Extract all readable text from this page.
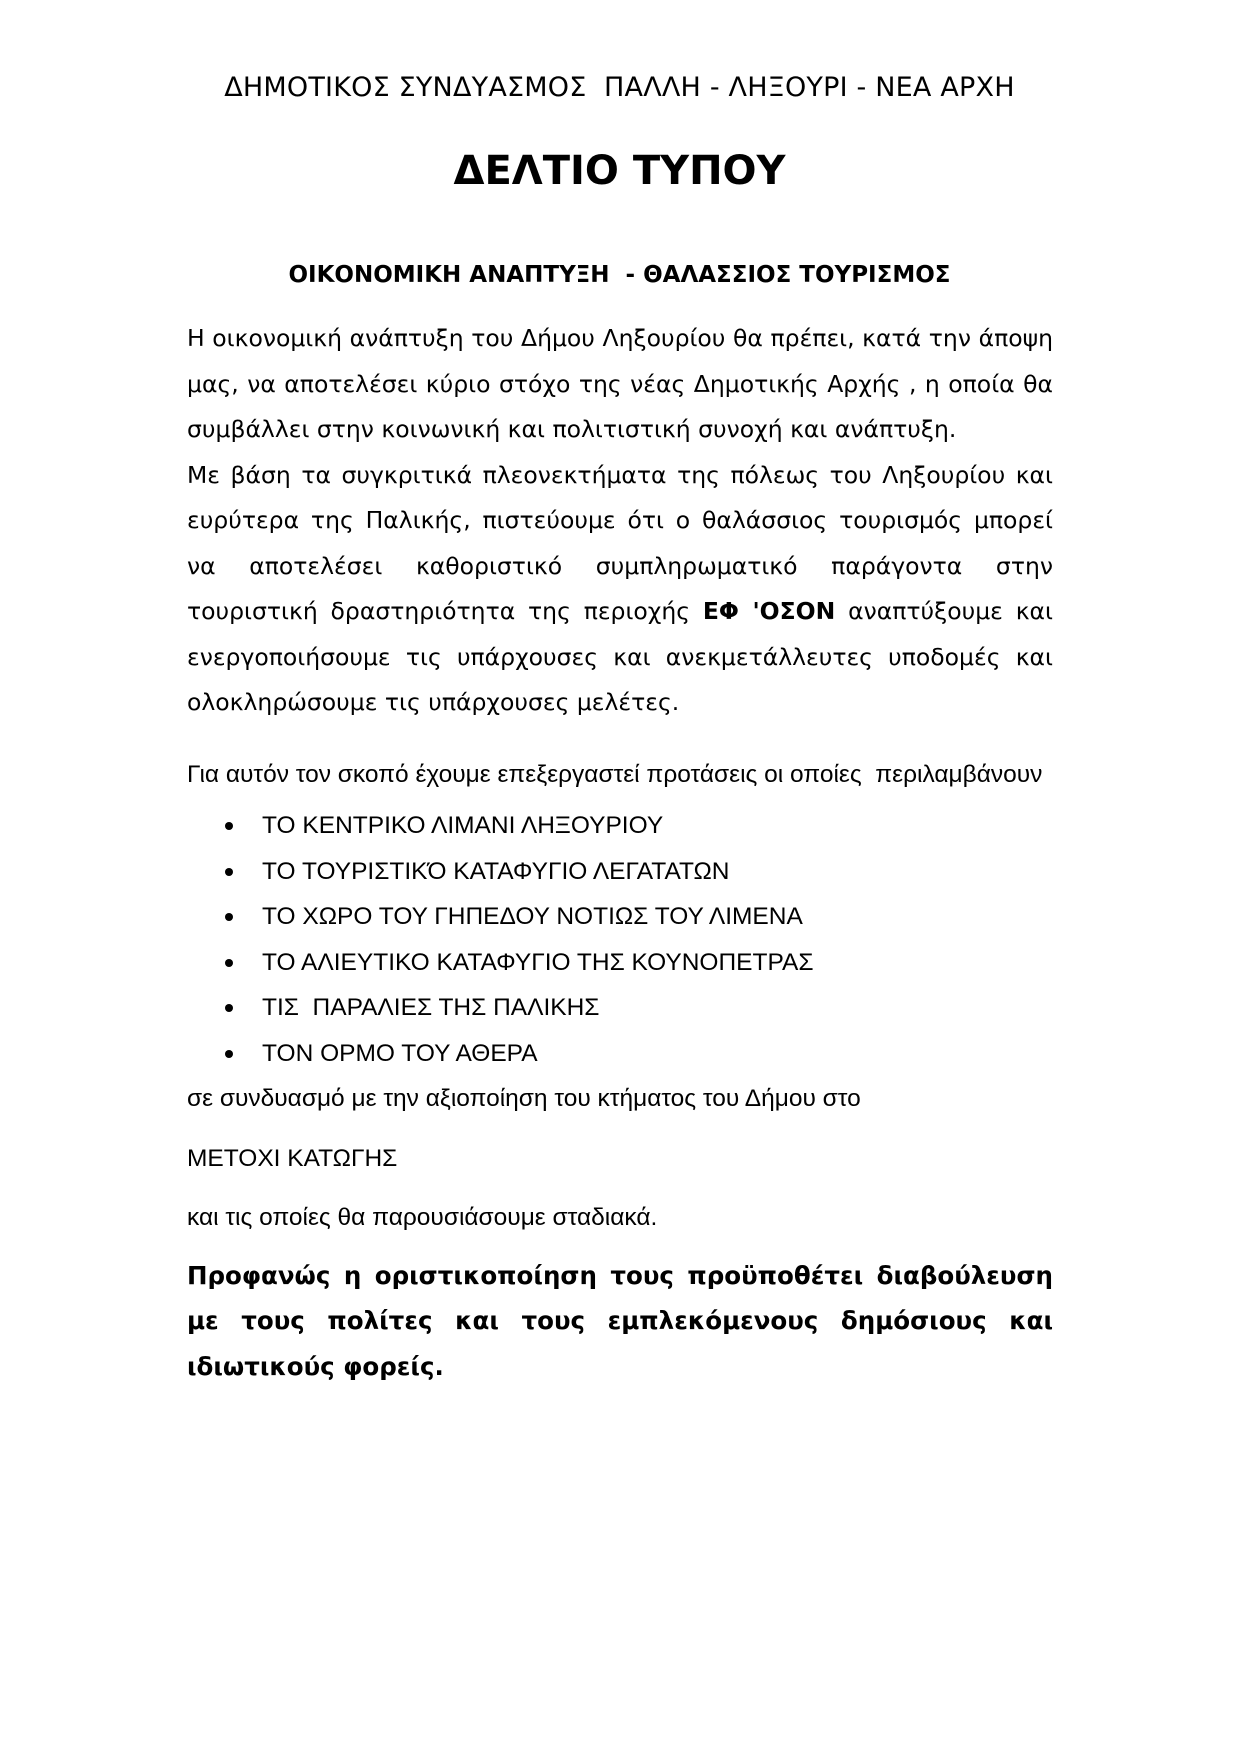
ΔΗΜΟΤΙΚΟΣ ΣΥΝΔΥΑΣΜΟΣ  ΠΑΛΛΗ - ΛΗΞΟΥΡΙ - ΝΕΑ ΑΡΧΗ
ΔΕΛΤΙΟ ΤΥΠΟΥ
ΟΙΚΟΝΟΜΙΚΗ ΑΝΑΠΤΥΞΗ  - ΘΑΛΑΣΣΙΟΣ ΤΟΥΡΙΣΜΟΣ

Η οικονομική ανάπτυξη του Δήμου Ληξουρίου θα πρέπει, κατά την άποψη μας, να αποτελέσει κύριο στόχο της νέας Δημοτικής Αρχής , η οποία θα συμβάλλει στην κοινωνική και πολιτιστική συνοχή και ανάπτυξη.

Με βάση τα συγκριτικά πλεονεκτήματα της πόλεως του Ληξουρίου και ευρύτερα της Παλικής, πιστεύουμε ότι ο θαλάσσιος τουρισμός μπορεί να αποτελέσει καθοριστικό συμπληρωματικό παράγοντα στην τουριστική δραστηριότητα της περιοχής ΕΦ 'ΟΣΟΝ αναπτύξουμε και ενεργοποιήσουμε τις υπάρχουσες και ανεκμετάλλευτες υποδομές και ολοκληρώσουμε τις υπάρχουσες μελέτες.

Για αυτόν τον σκοπό έχουμε επεξεργαστεί προτάσεις οι οποίες  περιλαμβάνουν

ΤΟ ΚΕΝΤΡΙΚΟ ΛΙΜΑΝΙ ΛΗΞΟΥΡΙΟΥ
ΤΟ ΤΟΥΡΙΣΤΙΚΌ ΚΑΤΑΦΥΓΙΟ ΛΕΓΑΤΑΤΩΝ
ΤΟ ΧΩΡΟ ΤΟΥ ΓΗΠΕΔΟΥ ΝΟΤΙΩΣ ΤΟΥ ΛΙΜΕΝΑ
ΤΟ ΑΛΙΕΥΤΙΚΟ ΚΑΤΑΦΥΓΙΟ ΤΗΣ ΚΟΥΝΟΠΕΤΡΑΣ
ΤΙΣ  ΠΑΡΑΛΙΕΣ ΤΗΣ ΠΑΛΙΚΗΣ
ΤΟΝ ΟΡΜΟ ΤΟΥ ΑΘΕΡΑ

σε συνδυασμό με την αξιοποίηση του κτήματος του Δήμου στο

ΜΕΤΟΧΙ ΚΑΤΩΓΗΣ

και τις οποίες θα παρουσιάσουμε σταδιακά.

Προφανώς η οριστικοποίηση τους προϋποθέτει διαβούλευση με τους πολίτες και τους εμπλεκόμενους δημόσιους και ιδιωτικούς φορείς.
